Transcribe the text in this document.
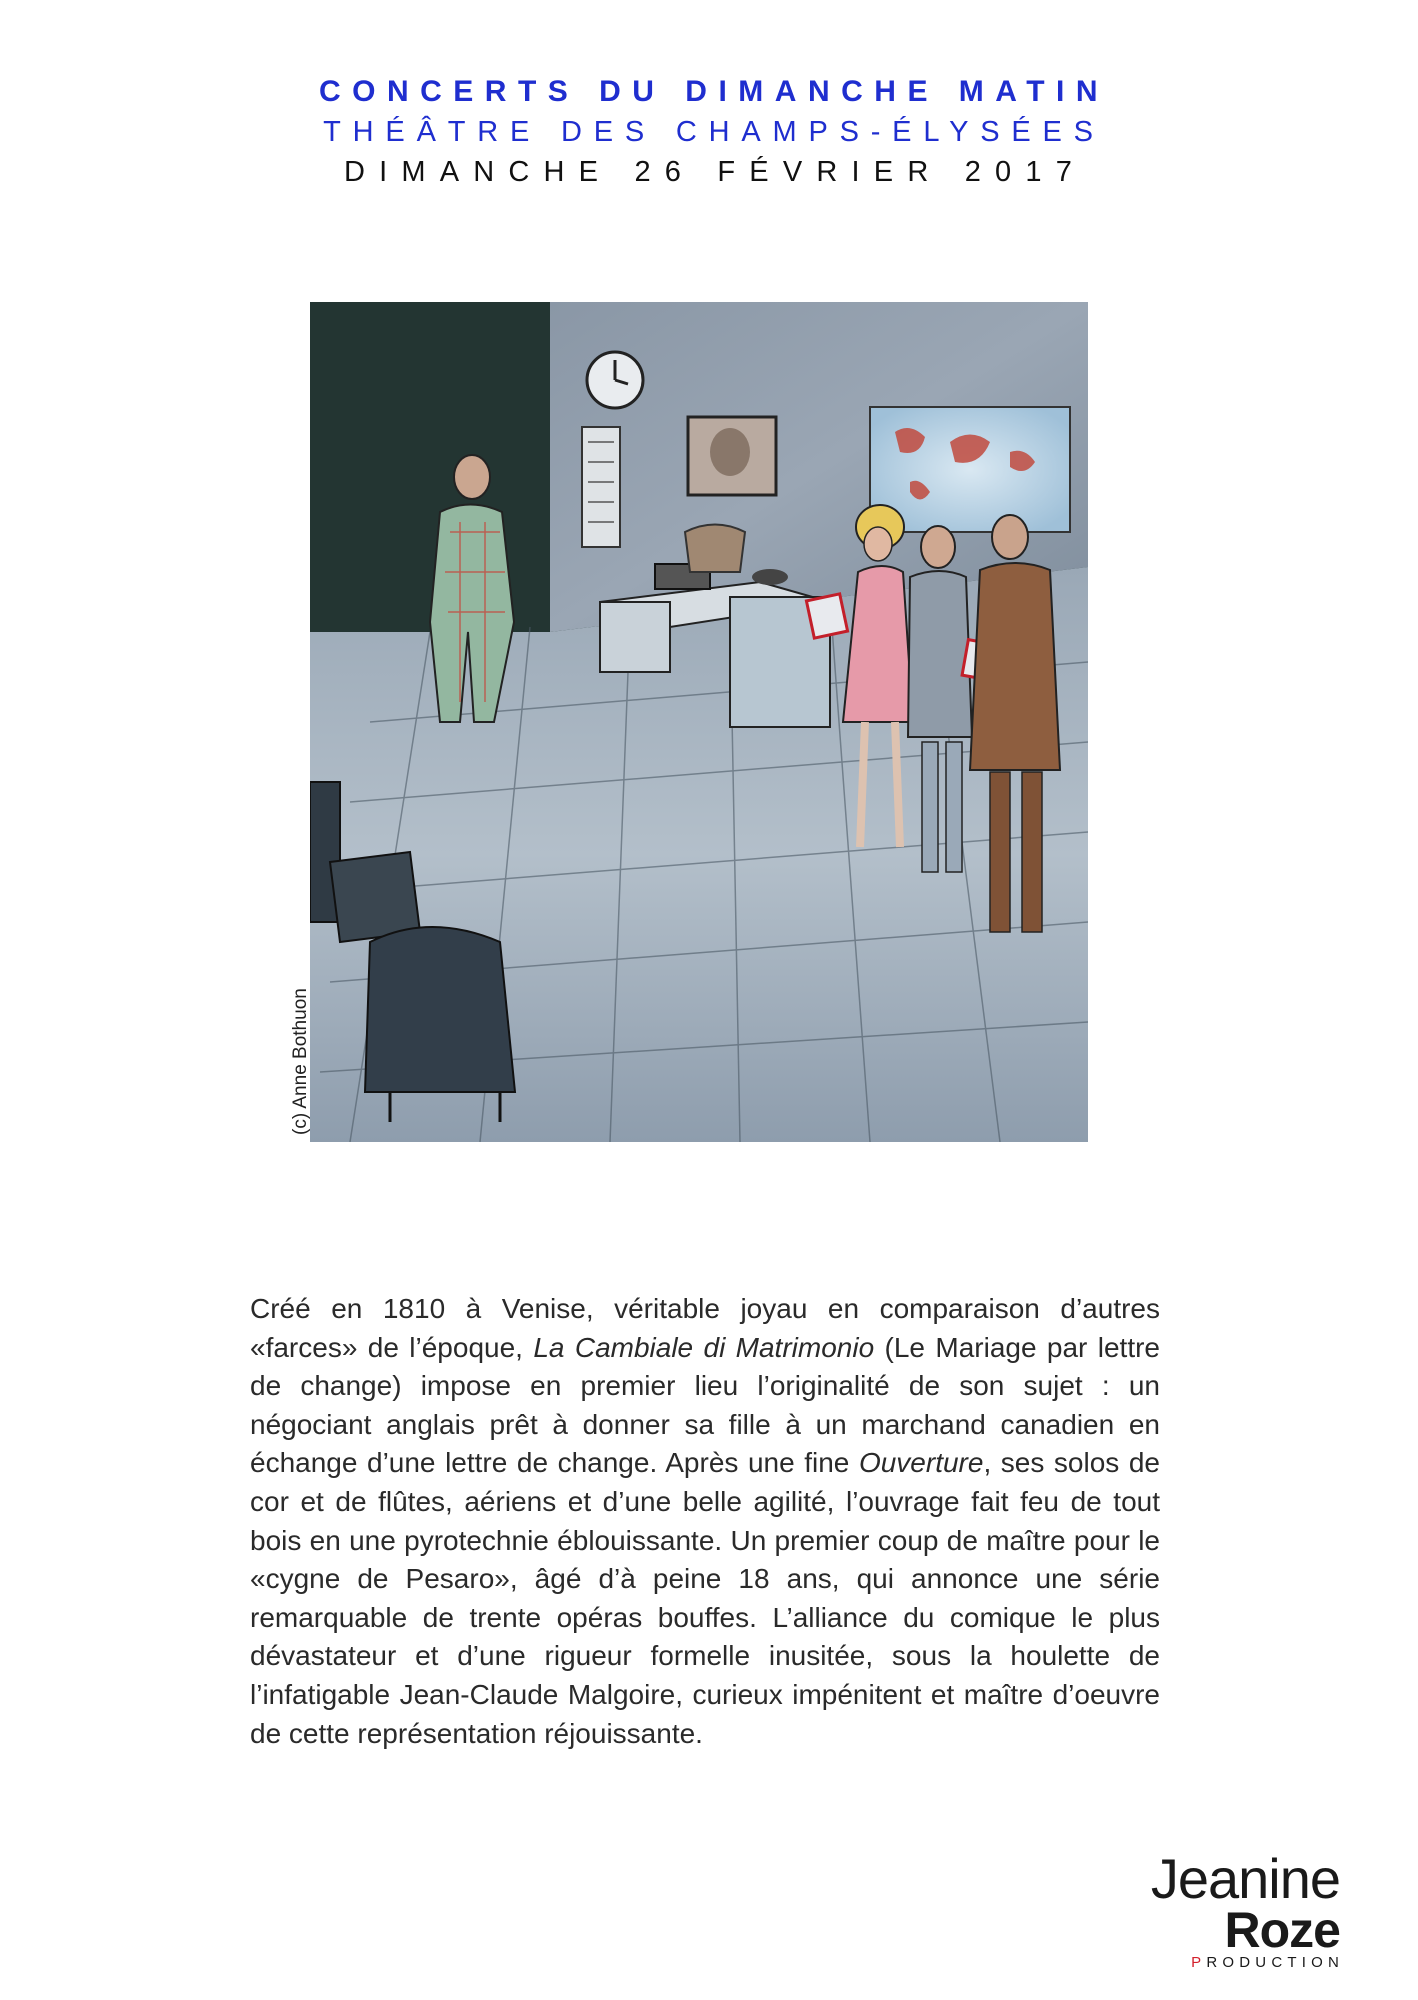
CONCERTS DU DIMANCHE MATIN
THÉÂTRE DES CHAMPS-ÉLYSÉES
DIMANCHE 26 FÉVRIER 2017
(c) Anne Bothuon
Créé en 1810 à Venise, véritable joyau en comparaison d’autres «farces» de l’époque, La Cambiale di Matrimonio (Le Mariage par lettre de change) impose en premier lieu l’originalité de son sujet : un négociant anglais prêt à donner sa fille à un marchand canadien en échange d’une lettre de change. Après une fine Ouverture, ses solos de cor et de flûtes, aériens et d’une belle agilité, l’ouvrage fait feu de tout bois en une pyrotechnie éblouissante. Un premier coup de maître pour le «cygne de Pesaro», âgé d’à peine 18 ans, qui annonce une série remarquable de trente opéras bouffes. L’alliance du comique le plus dévastateur et d’une rigueur formelle inusitée, sous la houlette de l’infatigable Jean-Claude Malgoire, curieux impénitent et maître d’oeuvre de cette représentation réjouissante.
Jeanine
Roze
PRODUCTION
